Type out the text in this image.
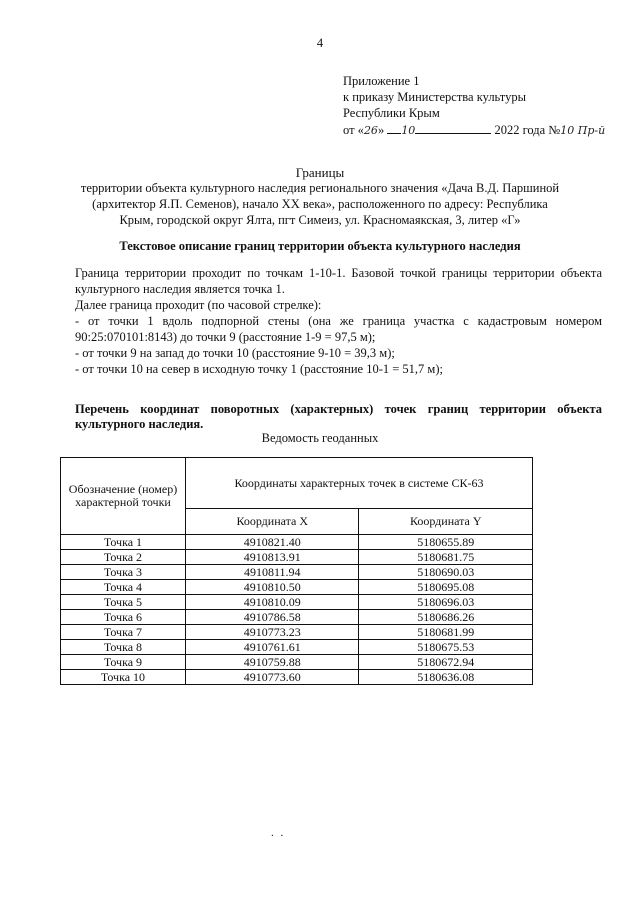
4
Приложение 1
к приказу Министерства культуры
Республики Крым
от «26» 10	2022 года №10 Пр-й
Границы
территории объекта культурного наследия регионального значения «Дача В.Д. Паршиной (архитектор Я.П. Семенов), начало XX века», расположенного по адресу: Республика Крым, городской округ Ялта, пгт Симеиз, ул. Красномаякская, 3, литер «Г»
Текстовое описание границ территории объекта культурного наследия

Граница территории проходит по точкам 1-10-1. Базовой точкой границы территории объекта культурного наследия является точка 1.

Далее граница проходит (по часовой стрелке):

- от точки 1 вдоль подпорной стены (она же граница участка с кадастровым номером 90:25:070101:8143) до точки 9 (расстояние 1-9 = 97,5 м);

- от точки 9 на запад до точки 10 (расстояние 9-10 = 39,3 м);

- от точки 10 на север в исходную точку 1 (расстояние 10-1 = 51,7 м);

Перечень координат поворотных (характерных) точек границ территории объекта культурного наследия.
Ведомость геоданных
Обозначение (номер) характерной точки	Координаты характерных точек в системе СК-63	
	Координата X	Координата Y
Точка 1	4910821.40	5180655.89
Точка 2	4910813.91	5180681.75
Точка 3	4910811.94	5180690.03
Точка 4	4910810.50	5180695.08
Точка 5	4910810.09	5180696.03
Точка 6	4910786.58	5180686.26
Точка 7	4910773.23	5180681.99
Точка 8	4910761.61	5180675.53
Точка 9	4910759.88	5180672.94
Точка 10	4910773.60	5180636.08
. .
